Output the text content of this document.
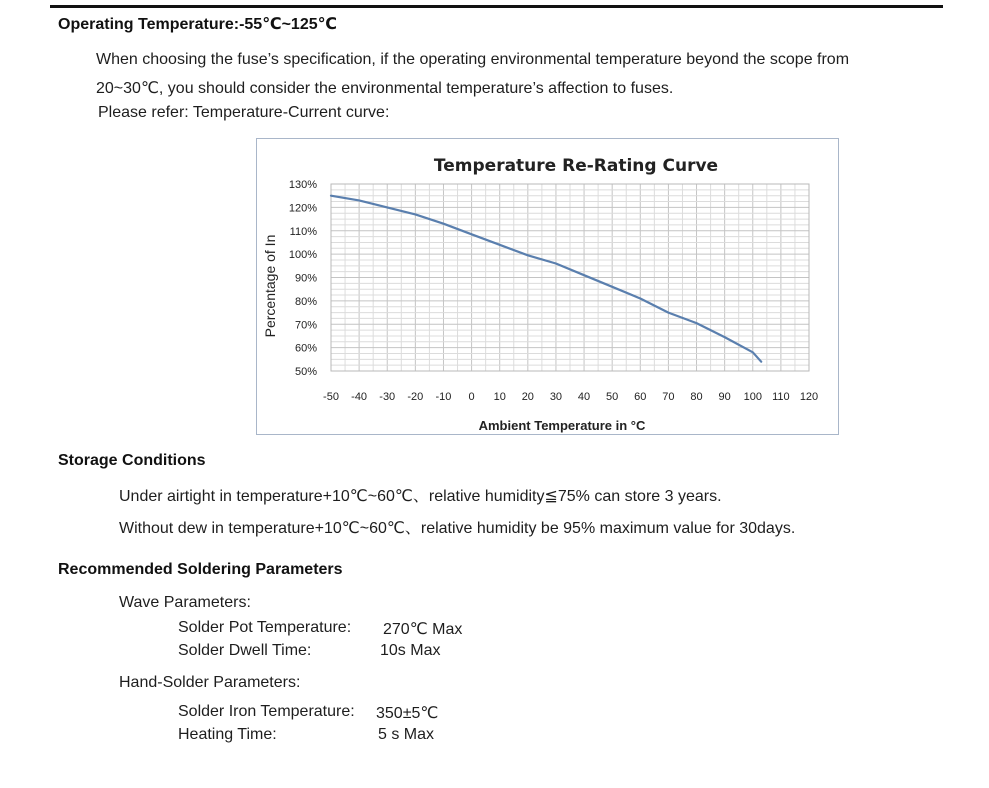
Operating Temperature:-55℃~125℃
When choosing the fuse’s specification, if the operating environmental temperature beyond the scope from
20~30℃, you should consider the environmental temperature’s affection to fuses.
Please refer: Temperature-Current curve:
Temperature Re-Rating Curve
130%
120%
110%
100%
90%
80%
70%
60%
50%
-50 -40 -30 -20 -10 0 10 20 30 40 50 60 70 80 90 100 110 120
Ambient Temperature in °C
Percentage of In
Storage Conditions
Under airtight in temperature+10℃~60℃、relative humidity≦75% can store 3 years.
Without dew in temperature+10℃~60℃、relative humidity be 95% maximum value for 30days.
Recommended Soldering Parameters
Wave Parameters:
Solder Pot Temperature: 270℃ Max
Solder Dwell Time:	10s Max
Hand-Solder Parameters:
Solder Iron Temperature: 350±5℃
Heating Time:	5 s Max
